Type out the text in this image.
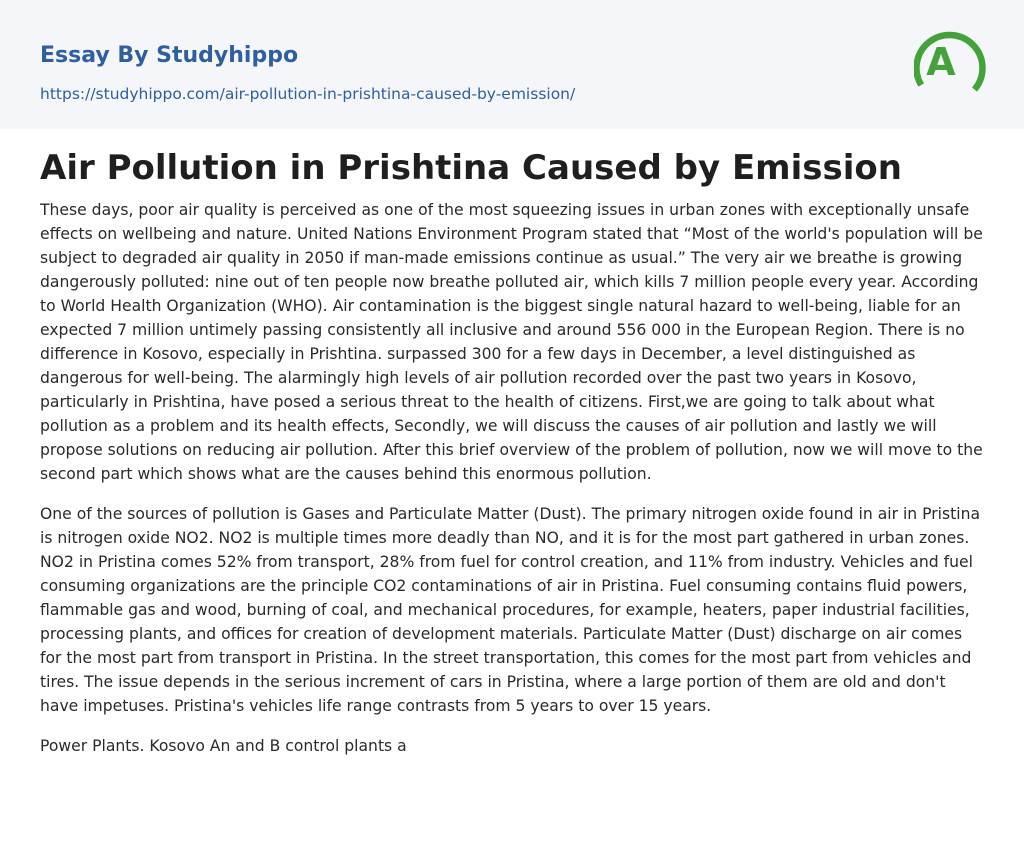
Essay By Studyhippo
https://studyhippo.com/air-pollution-in-prishtina-caused-by-emission/
A
Air Pollution in Prishtina Caused by Emission

These days, poor air quality is perceived as one of the most squeezing issues in urban zones with exceptionally unsafe effects on wellbeing and nature. United Nations Environment Program stated that “Most of the world's population will be subject to degraded air quality in 2050 if man-made emissions continue as usual.” The very air we breathe is growing dangerously polluted: nine out of ten people now breathe polluted air, which kills 7 million people every year. According to World Health Organization (WHO). Air contamination is the biggest single natural hazard to well-being, liable for an expected 7 million untimely passing consistently all inclusive and around 556 000 in the European Region. There is no difference in Kosovo, especially in Prishtina. surpassed 300 for a few days in December, a level distinguished as dangerous for well-being. The alarmingly high levels of air pollution recorded over the past two years in Kosovo, particularly in Prishtina, have posed a serious threat to the health of citizens. First,we are going to talk about what pollution as a problem and its health effects, Secondly, we will discuss the causes of air pollution and lastly we will propose solutions on reducing air pollution. After this brief overview of the problem of pollution, now we will move to the second part which shows what are the causes behind this enormous pollution.

One of the sources of pollution is Gases and Particulate Matter (Dust). The primary nitrogen oxide found in air in Pristina is nitrogen oxide NO2. NO2 is multiple times more deadly than NO, and it is for the most part gathered in urban zones. NO2 in Pristina comes 52% from transport, 28% from fuel for control creation, and 11% from industry. Vehicles and fuel consuming organizations are the principle CO2 contaminations of air in Pristina. Fuel consuming contains fluid powers, flammable gas and wood, burning of coal, and mechanical procedures, for example, heaters, paper industrial facilities, processing plants, and offices for creation of development materials. Particulate Matter (Dust) discharge on air comes for the most part from transport in Pristina. In the street transportation, this comes for the most part from vehicles and tires. The issue depends in the serious increment of cars in Pristina, where a large portion of them are old and don't have impetuses. Pristina's vehicles life range contrasts from 5 years to over 15 years.

Power Plants. Kosovo An and B control plants a
